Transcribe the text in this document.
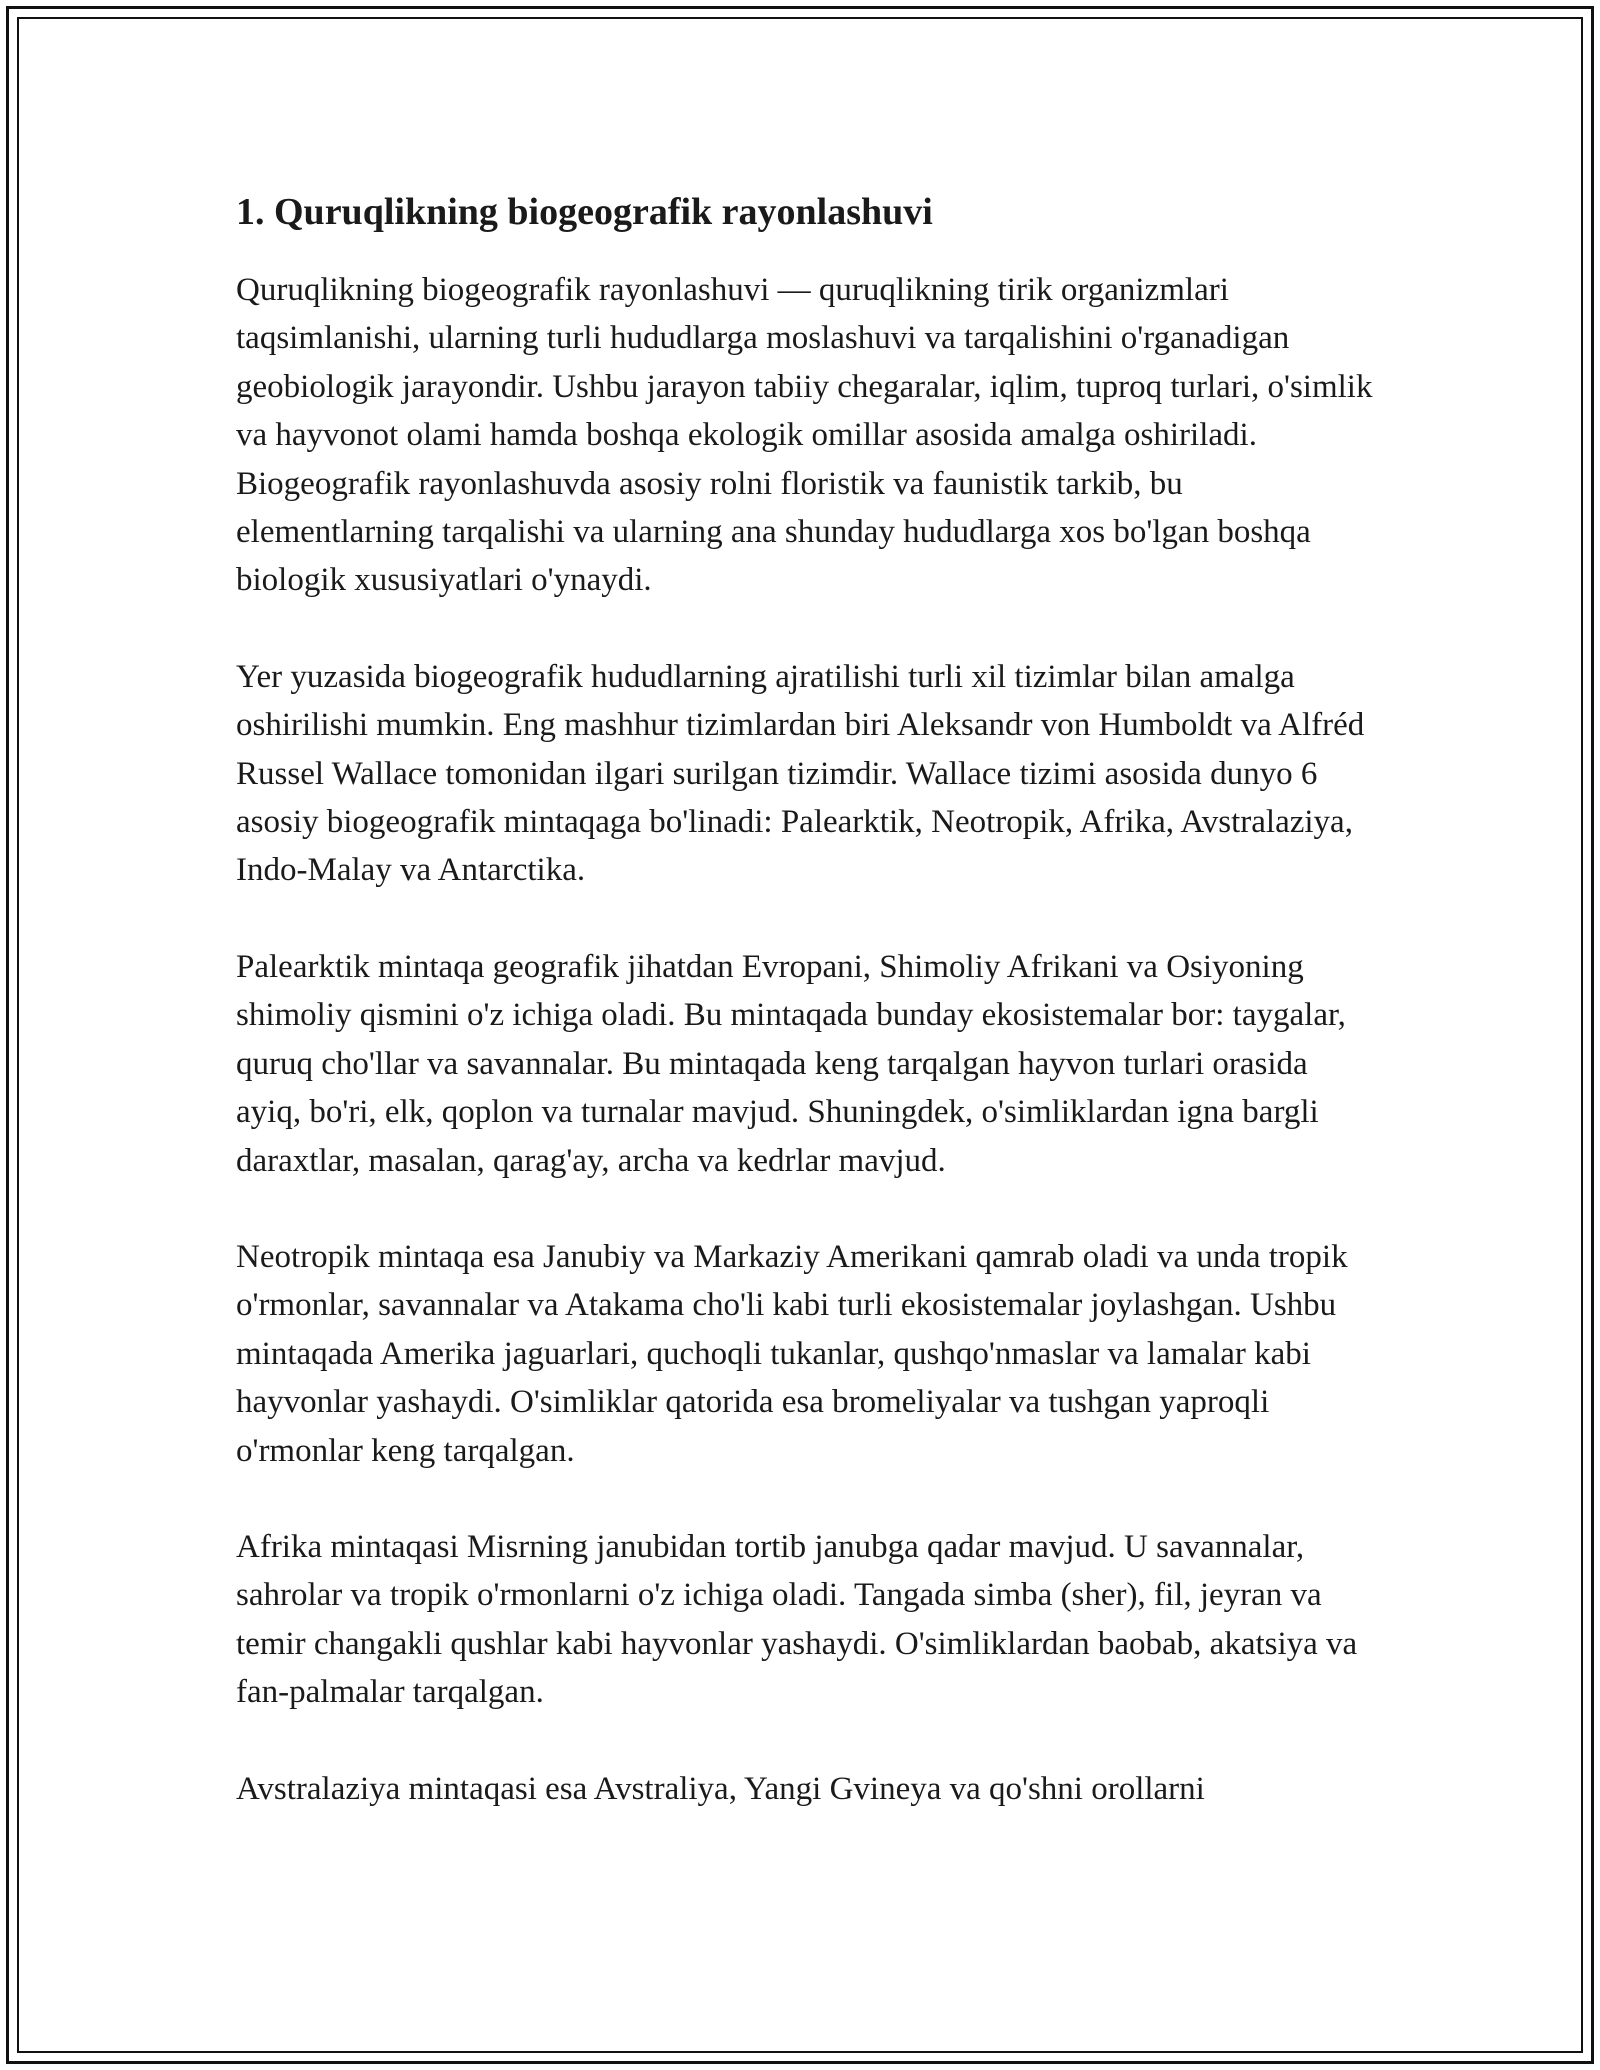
1. Quruqlikning biogeografik rayonlashuvi

Quruqlikning biogeografik rayonlashuvi — quruqlikning tirik organizmlari taqsimlanishi, ularning turli hududlarga moslashuvi va tarqalishini o'rganadigan geobiologik jarayondir. Ushbu jarayon tabiiy chegaralar, iqlim, tuproq turlari, o'simlik va hayvonot olami hamda boshqa ekologik omillar asosida amalga oshiriladi. Biogeografik rayonlashuvda asosiy rolni floristik va faunistik tarkib, bu elementlarning tarqalishi va ularning ana shunday hududlarga xos bo'lgan boshqa biologik xususiyatlari o'ynaydi.

Yer yuzasida biogeografik hududlarning ajratilishi turli xil tizimlar bilan amalga oshirilishi mumkin. Eng mashhur tizimlardan biri Aleksandr von Humboldt va Alfréd Russel Wallace tomonidan ilgari surilgan tizimdir. Wallace tizimi asosida dunyo 6 asosiy biogeografik mintaqaga bo'linadi: Palearktik, Neotropik, Afrika, Avstralaziya, Indo-Malay va Antarctika.

Palearktik mintaqa geografik jihatdan Evropani, Shimoliy Afrikani va Osiyoning shimoliy qismini o'z ichiga oladi. Bu mintaqada bunday ekosistemalar bor: taygalar, quruq cho'llar va savannalar. Bu mintaqada keng tarqalgan hayvon turlari orasida ayiq, bo'ri, elk, qoplon va turnalar mavjud. Shuningdek, o'simliklardan igna bargli daraxtlar, masalan, qarag'ay, archa va kedrlar mavjud.

Neotropik mintaqa esa Janubiy va Markaziy Amerikani qamrab oladi va unda tropik o'rmonlar, savannalar va Atakama cho'li kabi turli ekosistemalar joylashgan. Ushbu mintaqada Amerika jaguarlari, quchoqli tukanlar, qushqo'nmaslar va lamalar kabi hayvonlar yashaydi. O'simliklar qatorida esa bromeliyalar va tushgan yaproqli o'rmonlar keng tarqalgan.

Afrika mintaqasi Misrning janubidan tortib janubga qadar mavjud. U savannalar, sahrolar va tropik o'rmonlarni o'z ichiga oladi. Tangada simba (sher), fil, jeyran va temir changakli qushlar kabi hayvonlar yashaydi. O'simliklardan baobab, akatsiya va fan-palmalar tarqalgan.

Avstralaziya mintaqasi esa Avstraliya, Yangi Gvineya va qo'shni orollarni
